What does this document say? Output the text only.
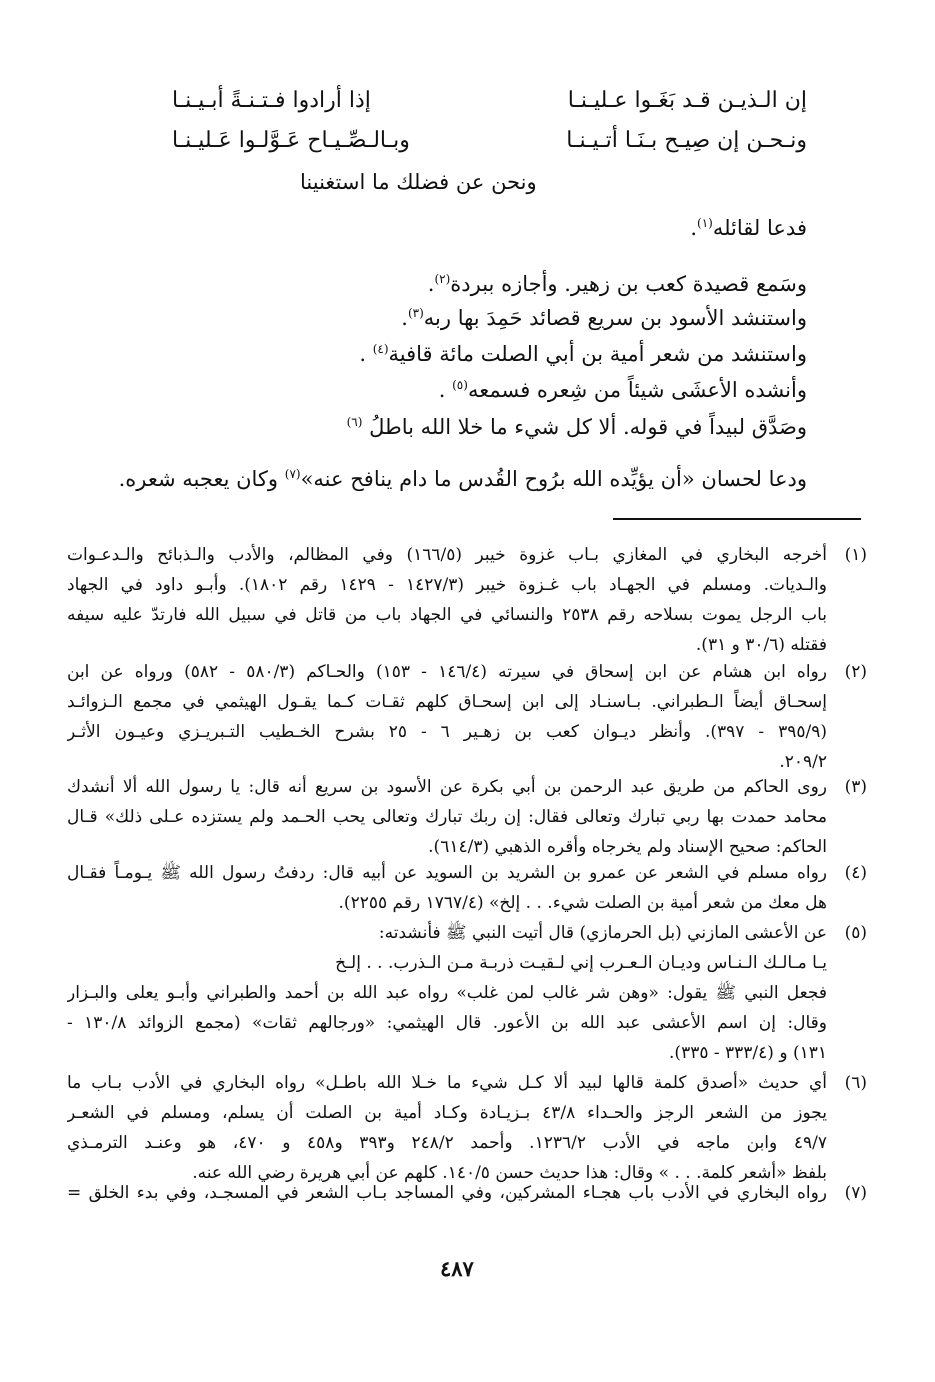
إن الـذيـن قـد بَغَـوا عـليـنـا
إذا أرادوا فـتـنـةً أبـيـنـا
ونـحـن إن صِيـح بـنَـا أتـيـنـا
وبـالـصِّـيـاح عَـوَّلـوا عَـليـنـا
ونحن عن فضلك ما استغنينا
فدعا لقائله$^{(١)}$.
وسَمع قصيدة كعب بن زهير. وأجازه ببردة$^{(٢)}$.
واستنشد الأسود بن سريع قصائد حَمِدَ بها ربه$^{(٣)}$.
واستنشد من شعر أمية بن أبي الصلت مائة قافية$^{(٤)}$ .
وأنشده الأعشَى شيئاً من شِعره فسمعه$^{(٥)}$ .
وصَدَّق لبيداً في قوله. ألا كل شيء ما خلا الله باطلُ $^{(٦)}$
ودعا لحسان «أن يؤيِّده الله برُوح القُدس ما دام ينافح عنه»$^{(٧)}$ وكان يعجبه شعره.
(١)
أخرجه البخاري في المغازي بـاب غزوة خيبر (١٦٦/٥) وفي المظالم، والأدب والـذبائح والـدعـوات
والـديات. ومسلم في الجهـاد باب غـزوة خيبر (١٤٢٧/٣ - ١٤٢٩ رقم ١٨٠٢). وأبـو داود في الجهاد
باب الرجل يموت بسلاحه رقم ٢٥٣٨ والنسائي في الجهاد باب من قاتل في سبيل الله فارتدّ عليه سيفه
فقتله (٣٠/٦ و ٣١).
(٢)
رواه ابن هشام عن ابن إسحاق في سيرته (١٤٦/٤ - ١٥٣) والحـاكم (٥٨٠/٣ - ٥٨٢) ورواه عن ابن
إسحـاق أيضاً الـطبراني. بـاسنـاد إلى ابن إسحـاق كلهم ثقـات كـما يقـول الهيثمي في مجمع الـزوائـد
(٣٩٥/٩ - ٣٩٧). وأنظر ديـوان كعب بن زهـير ٦ - ٢٥ بشرح الخـطيب التـبريـزي وعيـون الأثـر
٢٠٩/٢.
(٣)
روى الحاكم من طريق عبد الرحمن بن أبي بكرة عن الأسود بن سريع أنه قال: يا رسول الله ألا أنشدك
محامد حمدت بها ربي تبارك وتعالى فقال: إن ربك تبارك وتعالى يحب الحـمد ولم يستزده عـلى ذلك» قـال
الحاكم: صحيح الإسناد ولم يخرجاه وأقره الذهبي (٦١٤/٣).
(٤)
رواه مسلم في الشعر عن عمرو بن الشريد بن السويد عن أبيه قال: ردفتُ رسول الله ﷺ يـومـاً فقـال
هل معك من شعر أمية بن الصلت شيء. . . إلخ» (١٧٦٧/٤ رقم ٢٢٥٥).
(٥)
عن الأعشى المازني (بل الحرمازي) قال أتيت النبي ﷺ فأنشدته:
يـا مـالـك الـنـاس وديـان الـعـرب إني لـقيـت ذربـة مـن الـذرب. . . إلـخ
فجعل النبي ﷺ يقول: «وهن شر غالب لمن غلب» رواه عبد الله بن أحمد والطبراني وأبـو يعلى والبـزار
وقال: إن اسم الأعشى عبد الله بن الأعور. قال الهيثمي: «ورجالهم ثقات» (مجمع الزوائد ١٣٠/٨ -
١٣١) و (٣٣٣/٤ - ٣٣٥).
(٦)
أي حديث «أصدق كلمة قالها لبيد ألا كـل شيء ما خـلا الله باطـل» رواه البخاري في الأدب بـاب ما
يجوز من الشعر الرجز والحـداء ٤٣/٨ بـزيـادة وكـاد أمية بن الصلت أن يسلم، ومسلم في الشعـر
٤٩/٧ وابن ماجه في الأدب ١٢٣٦/٢. وأحمد ٢٤٨/٢ و٣٩٣ و٤٥٨ و ٤٧٠، هو وعنـد الترمـذي
بلفظ «أشعر كلمة. . . » وقال: هذا حديث حسن ١٤٠/٥. كلهم عن أبي هريرة رضي الله عنه.
(٧)
رواه البخاري في الأدب باب هجـاء المشركين، وفي المساجد بـاب الشعر في المسجـد، وفي بدء الخلق =
٤٨٧
